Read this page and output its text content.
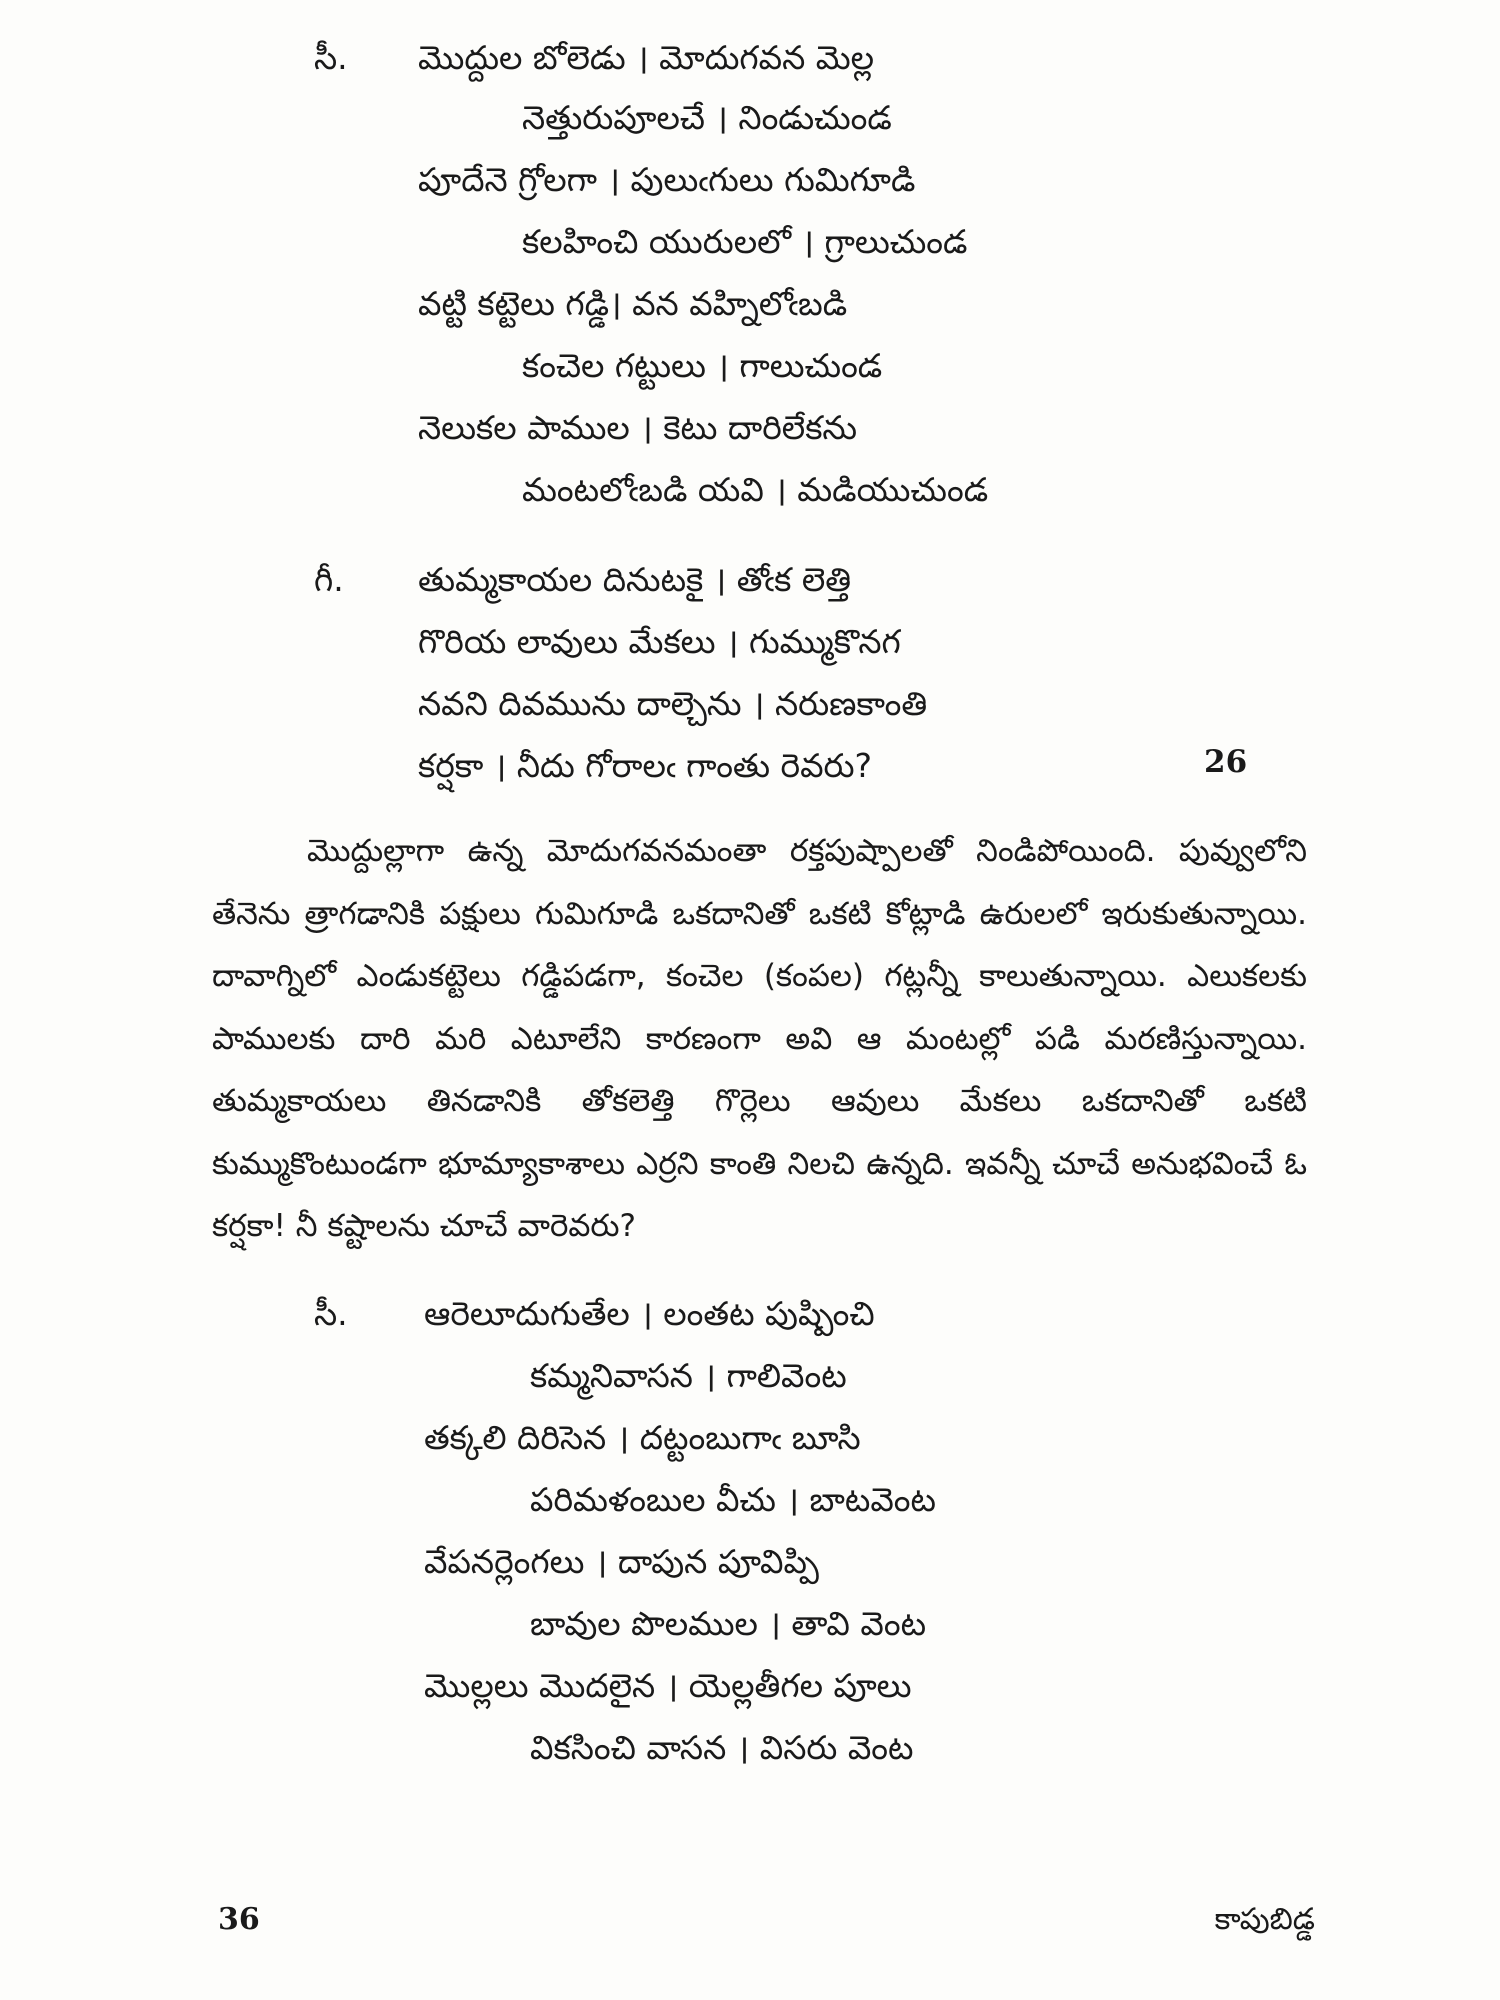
సీ. మొద్దుల బోలెడు । మోదుగవన మెల్ల
నెత్తురుపూలచే । నిండుచుండ
పూదేనె గ్రోలగా । పులుఁగులు గుమిగూడి
కలహించి యురులలో । గ్రాలుచుండ
వట్టి కట్టెలు గడ్డి। వన వహ్నిలోఁబడి
కంచెల గట్టులు । గాలుచుండ
నెలుకల పాముల । కెటు దారిలేకను
మంటలోఁబడి యవి । మడియుచుండ
గీ. తుమ్మకాయల దినుటకై । తోఁక లెత్తి
గొరియ లావులు మేకలు । గుమ్ముకొనగ
నవని దివమును దాల్చెను । నరుణకాంతి
కర్షకా । నీదు గోరాలఁ గాంతు రెవరు?	26
మొద్దుల్లాగా ఉన్న మోదుగవనమంతా రక్తపుష్పాలతో నిండిపోయింది. పువ్వులోని తేనెను త్రాగడానికి పక్షులు గుమిగూడి ఒకదానితో ఒకటి కోట్లాడి ఉరులలో ఇరుకుతున్నాయి. దావాగ్నిలో ఎండుకట్టెలు గడ్డిపడగా, కంచెల (కంపల) గట్లన్నీ కాలుతున్నాయి. ఎలుకలకు పాములకు దారి మరి ఎటూలేని కారణంగా అవి ఆ మంటల్లో పడి మరణిస్తున్నాయి. తుమ్మకాయలు తినడానికి తోకలెత్తి గొర్లెలు ఆవులు మేకలు ఒకదానితో ఒకటి కుమ్ముకొంటుండగా భూమ్యాకాశాలు ఎర్రని కాంతి నిలచి ఉన్నది. ఇవన్నీ చూచే అనుభవించే ఓ కర్షకా! నీ కష్టాలను చూచే వారెవరు?
సీ. ఆరెలూదుగుతేల । లంతట పుష్పించి
కమ్మనివాసన । గాలివెంట
తక్కలి దిరిసెన । దట్టంబుగాఁ బూసి
పరిమళంబుల వీచు । బాటవెంట
వేపనర్లెంగలు । దాపున పూవిప్పి
బావుల పొలముల । తావి వెంట
మొల్లలు మొదలైన । యెల్లతీగల పూలు
వికసించి వాసన । విసరు వెంట
36	కాపుబిడ్డ
